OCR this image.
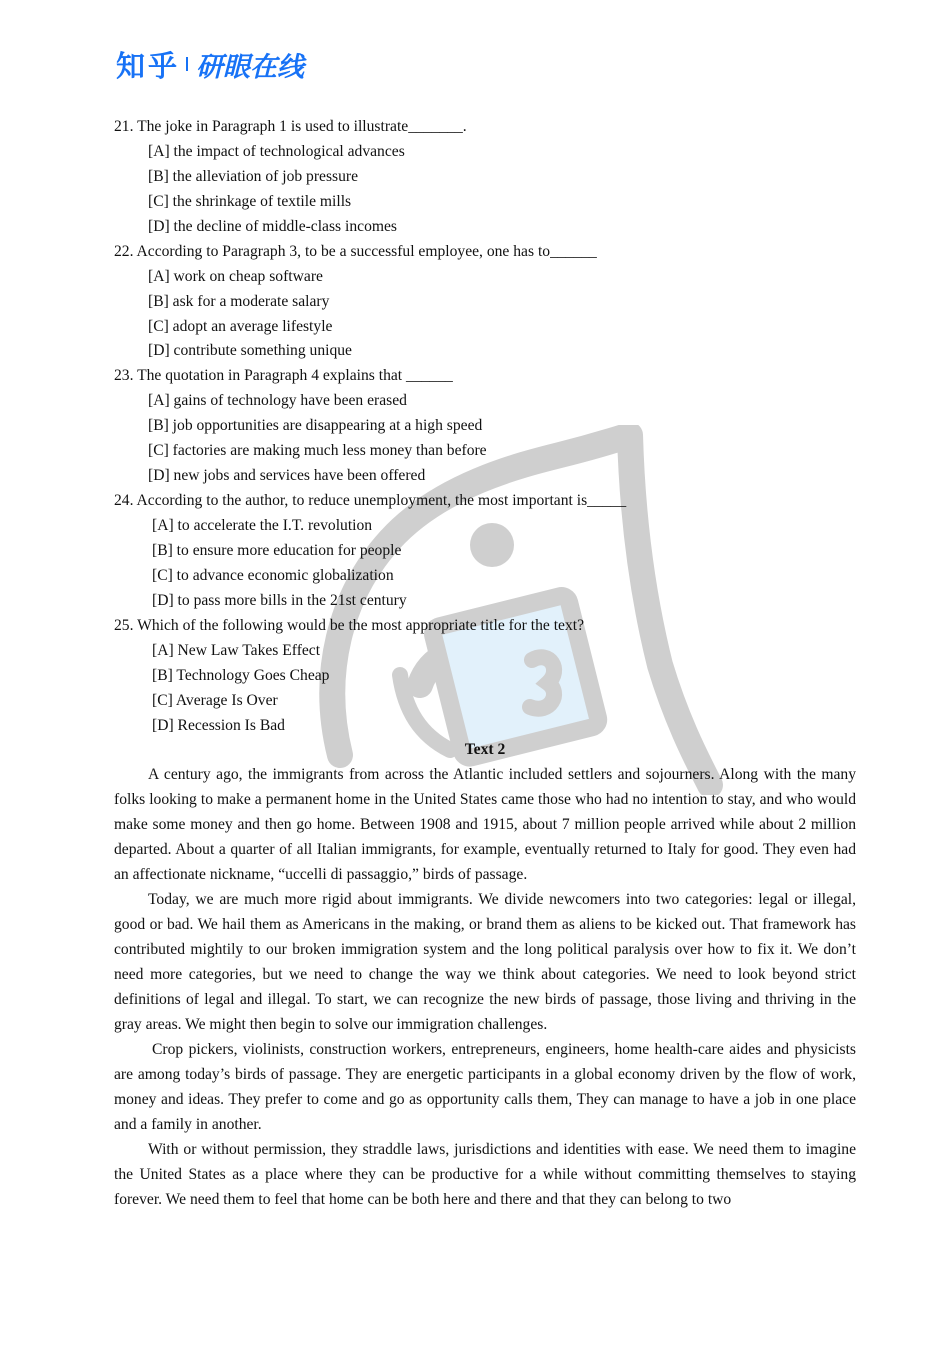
知乎 研眼在线
21. The joke in Paragraph 1 is used to illustrate_______.
[A] the impact of technological advances
[B] the alleviation of job pressure
[C] the shrinkage of textile mills
[D] the decline of middle-class incomes
22. According to Paragraph 3, to be a successful employee, one has to______
[A] work on cheap software
[B] ask for a moderate salary
[C] adopt an average lifestyle
[D] contribute something unique
23. The quotation in Paragraph 4 explains that ______
[A] gains of technology have been erased
[B] job opportunities are disappearing at a high speed
[C] factories are making much less money than before
[D] new jobs and services have been offered
24. According to the author, to reduce unemployment, the most important is_____
[A] to accelerate the I.T. revolution
[B] to ensure more education for people
[C] to advance economic globalization
[D] to pass more bills in the 21st century
25. Which of the following would be the most appropriate title for the text?
[A] New Law Takes Effect
[B] Technology Goes Cheap
[C] Average Is Over
[D] Recession Is Bad
Text 2

A century ago, the immigrants from across the Atlantic included settlers and sojourners. Along with the many folks looking to make a permanent home in the United States came those who had no intention to stay, and who would make some money and then go home. Between 1908 and 1915, about 7 million people arrived while about 2 million departed. About a quarter of all Italian immigrants, for example, eventually returned to Italy for good. They even had an affectionate nickname, “uccelli di passaggio,” birds of passage.

Today, we are much more rigid about immigrants. We divide newcomers into two categories: legal or illegal, good or bad. We hail them as Americans in the making, or brand them as aliens to be kicked out. That framework has contributed mightily to our broken immigration system and the long political paralysis over how to fix it. We don’t need more categories, but we need to change the way we think about categories. We need to look beyond strict definitions of legal and illegal. To start, we can recognize the new birds of passage, those living and thriving in the gray areas. We might then begin to solve our immigration challenges.

Crop pickers, violinists, construction workers, entrepreneurs, engineers, home health-care aides and physicists are among today’s birds of passage. They are energetic participants in a global economy driven by the flow of work, money and ideas. They prefer to come and go as opportunity calls them, They can manage to have a job in one place and a family in another.

With or without permission, they straddle laws, jurisdictions and identities with ease. We need them to imagine the United States as a place where they can be productive for a while without committing themselves to staying forever. We need them to feel that home can be both here and there and that they can belong to two
